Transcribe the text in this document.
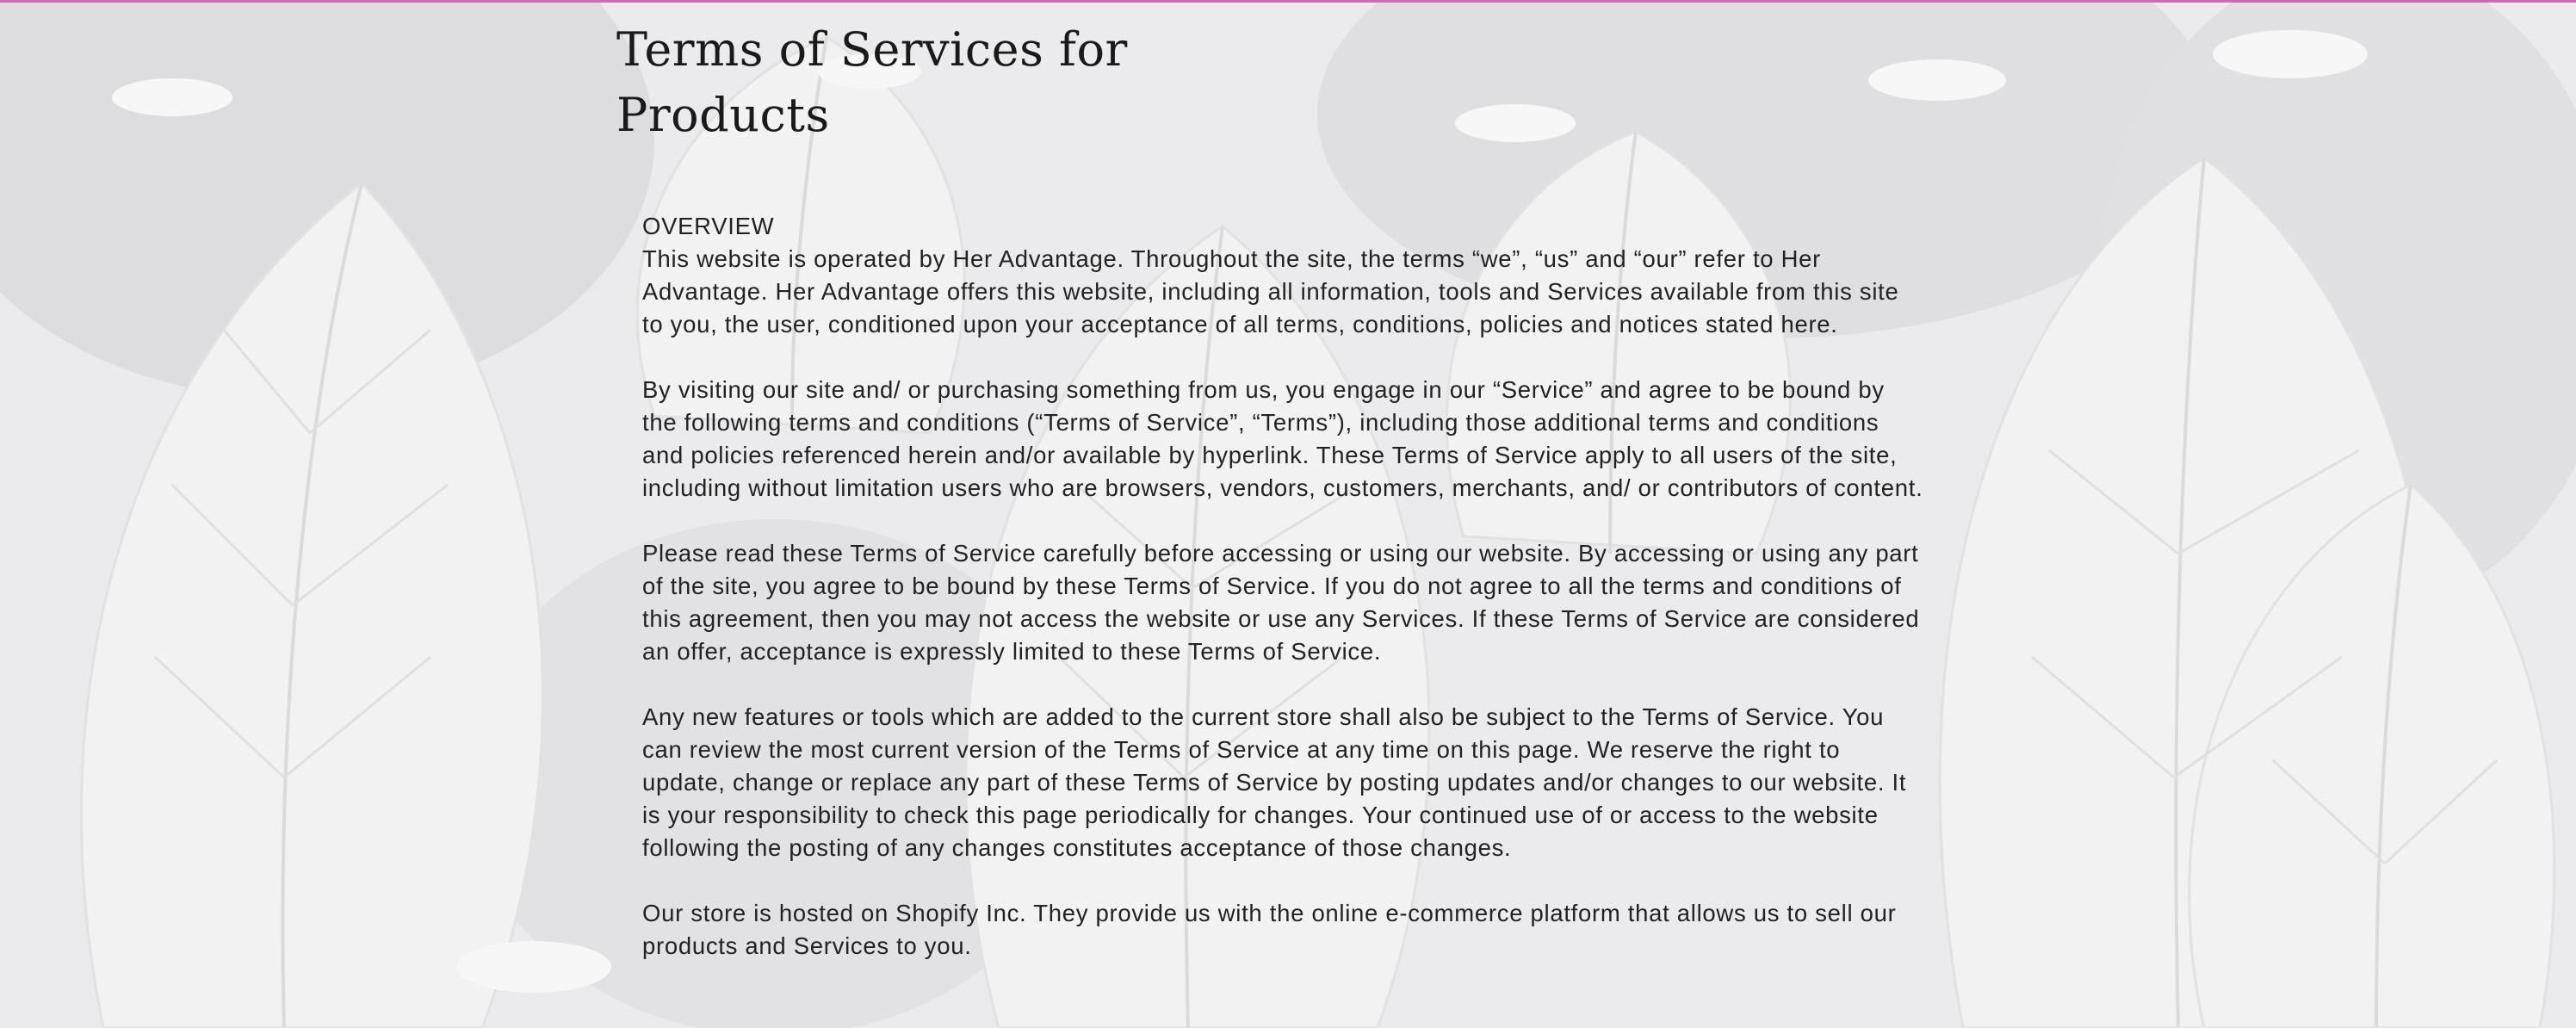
Terms of Services for Products

OVERVIEW

This website is operated by Her Advantage. Throughout the site, the terms “we”, “us” and “our” refer to Her Advantage. Her Advantage offers this website, including all information, tools and Services available from this site to you, the user, conditioned upon your acceptance of all terms, conditions, policies and notices stated here.

By visiting our site and/ or purchasing something from us, you engage in our “Service” and agree to be bound by the following terms and conditions (“Terms of Service”, “Terms”), including those additional terms and conditions and policies referenced herein and/or available by hyperlink. These Terms of Service apply to all users of the site, including without limitation users who are browsers, vendors, customers, merchants, and/ or contributors of content.

Please read these Terms of Service carefully before accessing or using our website. By accessing or using any part of the site, you agree to be bound by these Terms of Service. If you do not agree to all the terms and conditions of this agreement, then you may not access the website or use any Services. If these Terms of Service are considered an offer, acceptance is expressly limited to these Terms of Service.

Any new features or tools which are added to the current store shall also be subject to the Terms of Service. You can review the most current version of the Terms of Service at any time on this page. We reserve the right to update, change or replace any part of these Terms of Service by posting updates and/or changes to our website. It is your responsibility to check this page periodically for changes. Your continued use of or access to the website following the posting of any changes constitutes acceptance of those changes.

Our store is hosted on Shopify Inc. They provide us with the online e-commerce platform that allows us to sell our products and Services to you.
